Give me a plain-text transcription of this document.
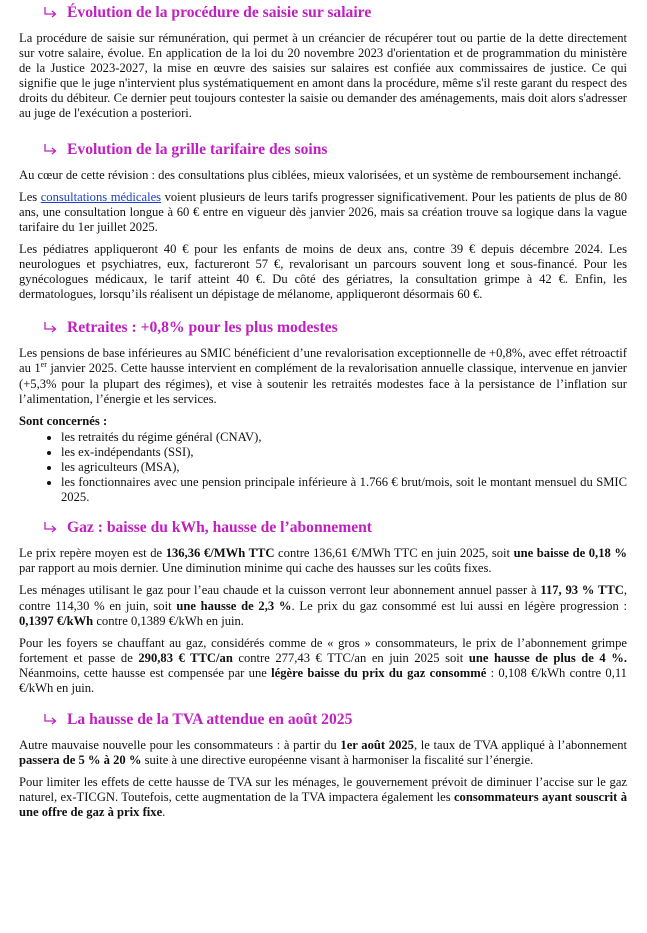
Évolution de la procédure de saisie sur salaire

La procédure de saisie sur rémunération, qui permet à un créancier de récupérer tout ou partie de la dette directement sur votre salaire, évolue. En application de la loi du 20 novembre 2023 d'orientation et de programmation du ministère de la Justice 2023-2027, la mise en œuvre des saisies sur salaires est confiée aux commissaires de justice. Ce qui signifie que le juge n'intervient plus systématiquement en amont dans la procédure, même s'il reste garant du respect des droits du débiteur. Ce dernier peut toujours contester la saisie ou demander des aménagements, mais doit alors s'adresser au juge de l'exécution a posteriori.

Evolution de la grille tarifaire des soins

Au cœur de cette révision : des consultations plus ciblées, mieux valorisées, et un système de remboursement inchangé.

Les consultations médicales voient plusieurs de leurs tarifs progresser significativement. Pour les patients de plus de 80 ans, une consultation longue à 60 € entre en vigueur dès janvier 2026, mais sa création trouve sa logique dans la vague tarifaire du 1er juillet 2025.

Les pédiatres appliqueront 40 € pour les enfants de moins de deux ans, contre 39 € depuis décembre 2024. Les neurologues et psychiatres, eux, factureront 57 €, revalorisant un parcours souvent long et sous-financé. Pour les gynécologues médicaux, le tarif atteint 40 €. Du côté des gériatres, la consultation grimpe à 42 €. Enfin, les dermatologues, lorsqu’ils réalisent un dépistage de mélanome, appliqueront désormais 60 €.

Retraites : +0,8% pour les plus modestes

Les pensions de base inférieures au SMIC bénéficient d’une revalorisation exceptionnelle de +0,8%, avec effet rétroactif au 1er janvier 2025. Cette hausse intervient en complément de la revalorisation annuelle classique, intervenue en janvier (+5,3% pour la plupart des régimes), et vise à soutenir les retraités modestes face à la persistance de l’inflation sur l’alimentation, l’énergie et les services.

Sont concernés :
• les retraités du régime général (CNAV),
• les ex-indépendants (SSI),
• les agriculteurs (MSA),
• les fonctionnaires avec une pension principale inférieure à 1.766 € brut/mois, soit le montant mensuel du SMIC 2025.
Gaz : baisse du kWh, hausse de l’abonnement

Le prix repère moyen est de 136,36 €/MWh TTC contre 136,61 €/MWh TTC en juin 2025, soit une baisse de 0,18 % par rapport au mois dernier. Une diminution minime qui cache des hausses sur les coûts fixes.

Les ménages utilisant le gaz pour l’eau chaude et la cuisson verront leur abonnement annuel passer à 117, 93 % TTC, contre 114,30 % en juin, soit une hausse de 2,3 %. Le prix du gaz consommé est lui aussi en légère progression : 0,1397 €/kWh contre 0,1389 €/kWh en juin.

Pour les foyers se chauffant au gaz, considérés comme de « gros » consommateurs, le prix de l’abonnement grimpe fortement et passe de 290,83 € TTC/an contre 277,43 € TTC/an en juin 2025 soit une hausse de plus de 4 %. Néanmoins, cette hausse est compensée par une légère baisse du prix du gaz consommé : 0,108 €/kWh contre 0,11 €/kWh en juin.

La hausse de la TVA attendue en août 2025

Autre mauvaise nouvelle pour les consommateurs : à partir du 1er août 2025, le taux de TVA appliqué à l’abonnement passera de 5 % à 20 % suite à une directive européenne visant à harmoniser la fiscalité sur l’énergie.

Pour limiter les effets de cette hausse de TVA sur les ménages, le gouvernement prévoit de diminuer l’accise sur le gaz naturel, ex-TICGN. Toutefois, cette augmentation de la TVA impactera également les consommateurs ayant souscrit à une offre de gaz à prix fixe.
